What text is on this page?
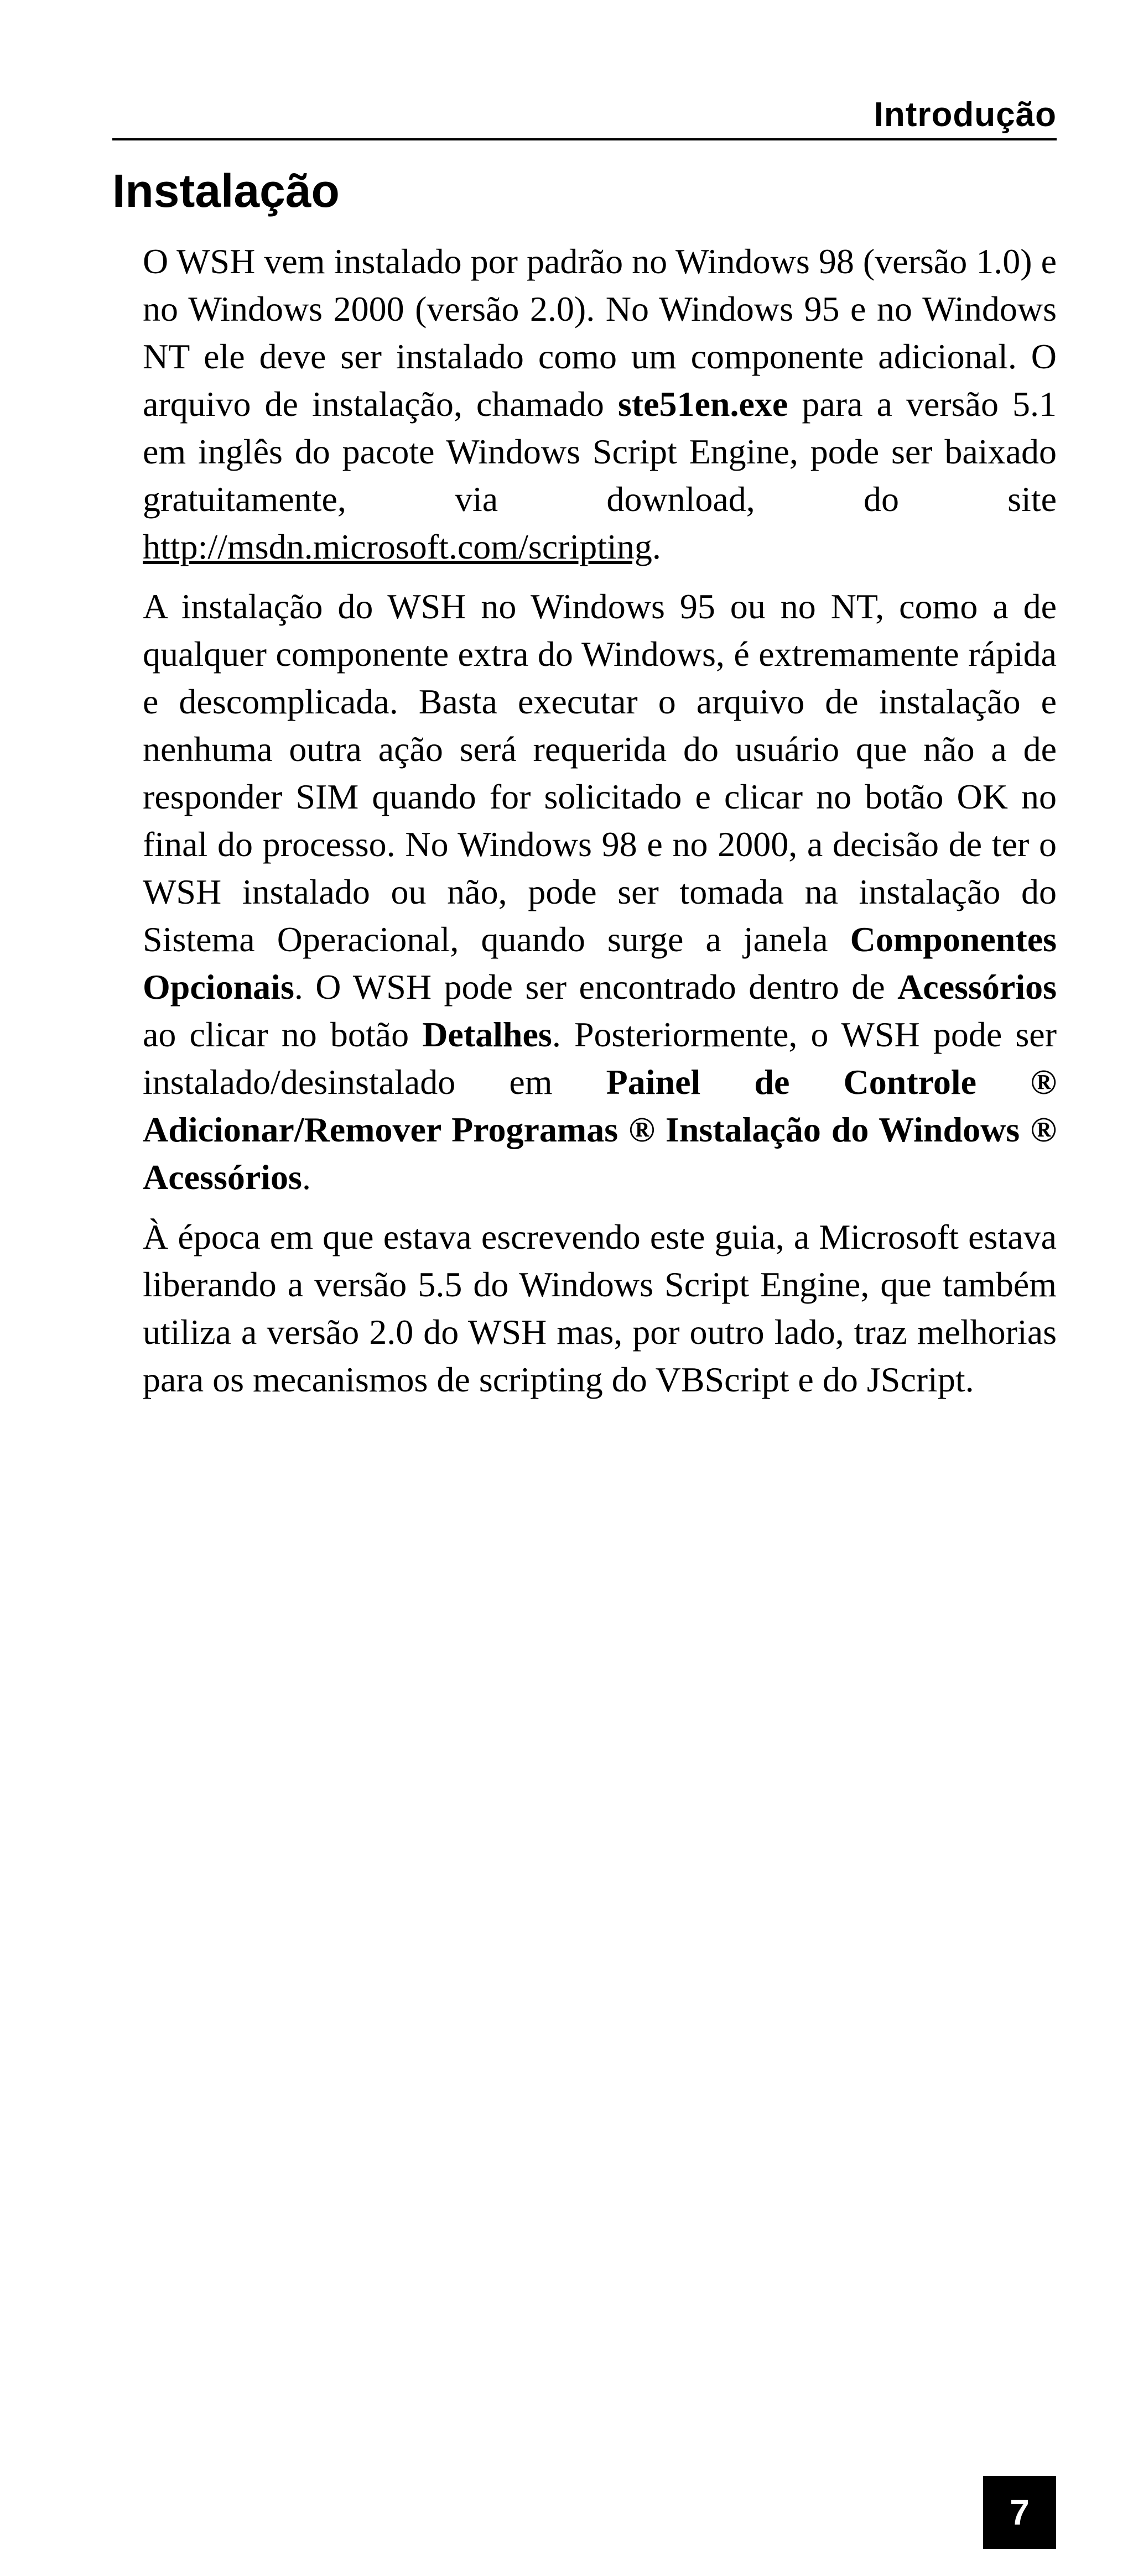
Introdução
Instalação

O WSH vem instalado por padrão no Windows 98 (versão 1.0) e no Windows 2000 (versão 2.0). No Windows 95 e no Windows NT ele deve ser instalado como um componente adicional. O arquivo de instalação, chamado ste51en.exe para a versão 5.1 em inglês do pacote Windows Script Engine, pode ser baixado gratuitamente, via download, do site http://msdn.microsoft.com/scripting.

A instalação do WSH no Windows 95 ou no NT, como a de qualquer componente extra do Windows, é extremamente rápida e descomplicada. Basta executar o arquivo de instalação e nenhuma outra ação será requerida do usuário que não a de responder SIM quando for solicitado e clicar no botão OK no final do processo. No Windows 98 e no 2000, a decisão de ter o WSH instalado ou não, pode ser tomada na instalação do Sistema Operacional, quando surge a janela Componentes Opcionais. O WSH pode ser encontrado dentro de Acessórios ao clicar no botão Detalhes. Posteriormente, o WSH pode ser instalado/desinstalado em Painel de Controle ® Adicionar/Remover Programas ® Instalação do Windows ® Acessórios.

À época em que estava escrevendo este guia, a Microsoft estava liberando a versão 5.5 do Windows Script Engine, que também utiliza a versão 2.0 do WSH mas, por outro lado, traz melhorias para os mecanismos de scripting do VBScript e do JScript.

7
